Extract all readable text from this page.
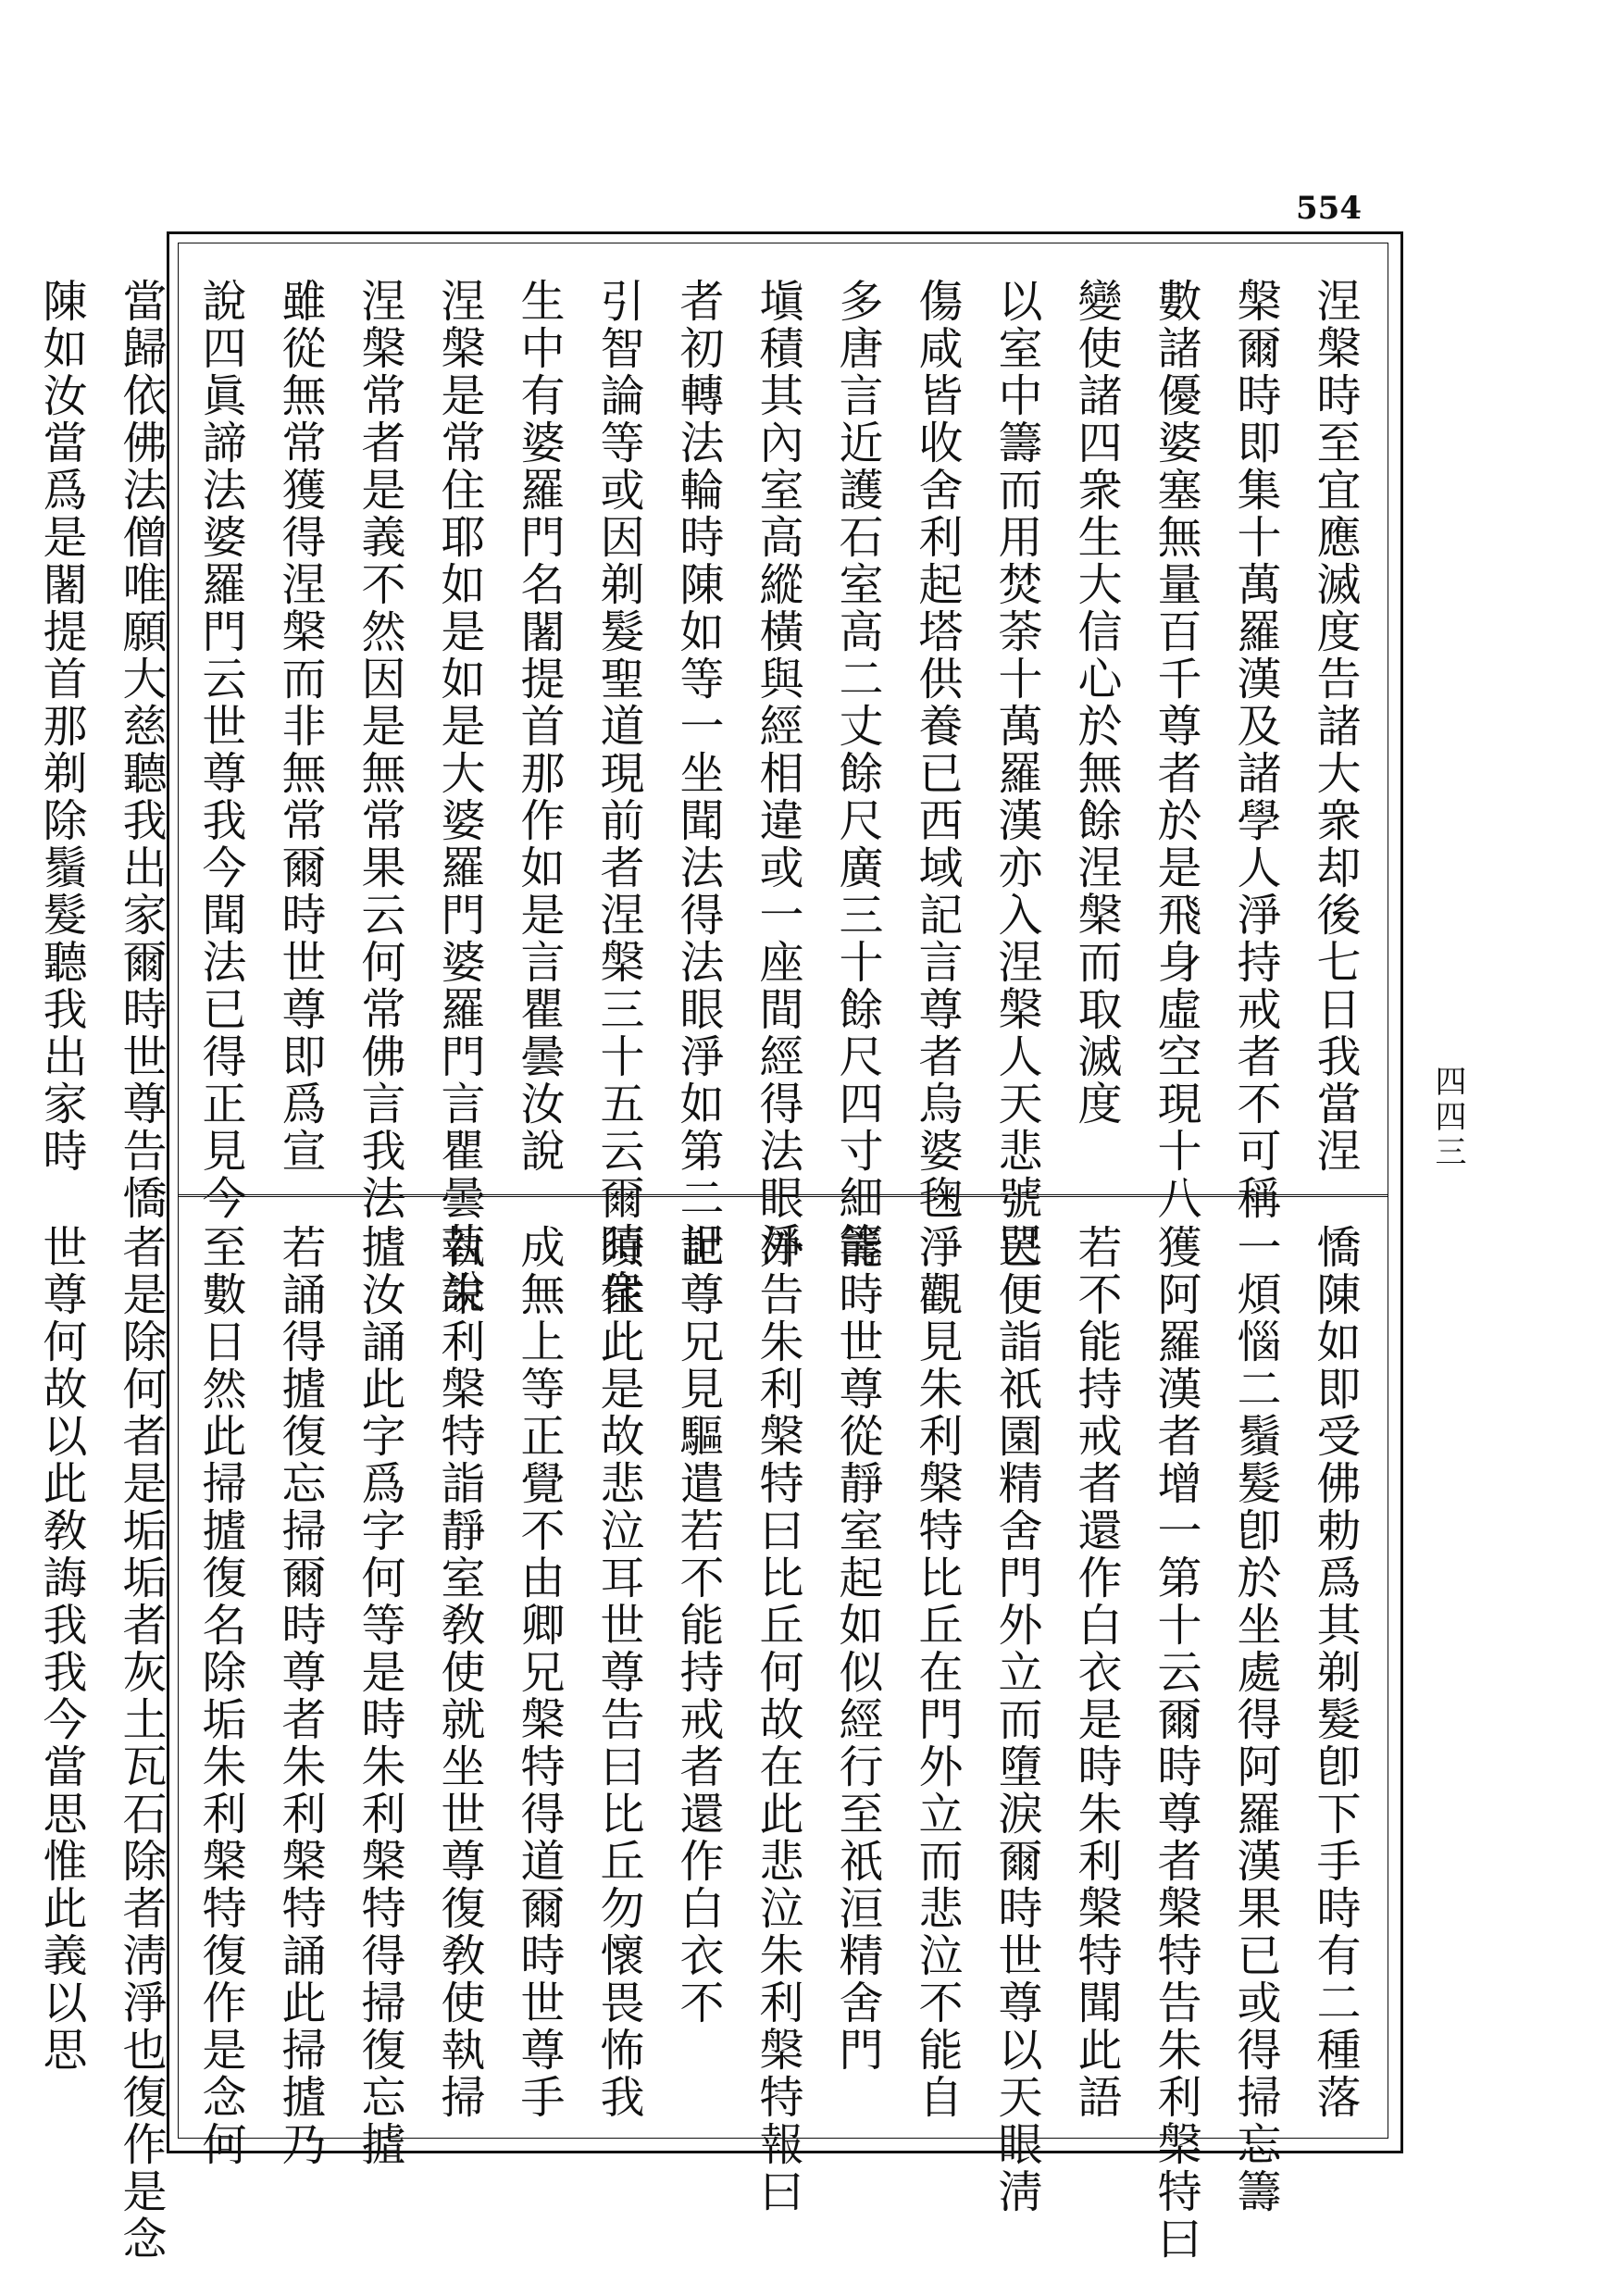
554
四四三
涅槃時至宜應滅度告諸大衆却後七日我當涅
槃爾時即集十萬羅漢及諸學人淨持戒者不可稱
數諸優婆塞無量百千尊者於是飛身虛空現十八
變使諸四衆生大信心於無餘涅槃而取滅度
以室中籌而用焚荼十萬羅漢亦入涅槃人天悲號哭
傷咸皆收舍利起塔供養已西域記言尊者烏婆毱
多唐言近護石室高二丈餘尺廣三十餘尺四寸細籌
塡積其內室高縱橫與經相違或一座間經得法眼淨
者初轉法輪時陳如等一坐聞法得法眼淨如第二記
引智論等或因剃髮聖道現前者涅槃三十五云爾時衆
生中有婆羅門名闍提首那作如是言瞿曇汝說
涅槃是常住耶如是如是大婆羅門婆羅門言瞿曇若說
涅槃常者是義不然因是無常果云何常佛言我法
雖從無常獲得涅槃而非無常爾時世尊即爲宣
說四眞諦法婆羅門云世尊我今聞法已得正見今
當歸依佛法僧唯願大慈聽我出家爾時世尊告憍
陳如汝當爲是闍提首那剃除鬚髮聽我出家時
憍陳如即受佛勅爲其剃髮卽下手時有二種落
一煩惱二鬚髮卽於坐處得阿羅漢果已或得掃忘籌
獲阿羅漢者增一第十云爾時尊者槃特告朱利槃特曰
若不能持戒者還作白衣是時朱利槃特聞此語
已便詣祇園精舍門外立而墮淚爾時世尊以天眼淸
淨觀見朱利槃特比丘在門外立而悲泣不能自
能時世尊從靜室起如似經行至祇洹精舍門
外告朱利槃特曰比丘何故在此悲泣朱利槃特報曰
世尊兄見驅遣若不能持戒者還作白衣不
須住此是故悲泣耳世尊告曰比丘勿懷畏怖我
成無上等正覺不由卿兄槃特得道爾時世尊手
執朱利槃特詣靜室敎使就坐世尊復敎使執掃
摣汝誦此字爲字何等是時朱利槃特得掃復忘摣
若誦得摣復忘掃爾時尊者朱利槃特誦此掃摣乃
至數日然此掃摣復名除垢朱利槃特復作是念何
者是除何者是垢垢者灰土瓦石除者淸淨也復作是念
世尊何故以此敎誨我我今當思惟此義以思
